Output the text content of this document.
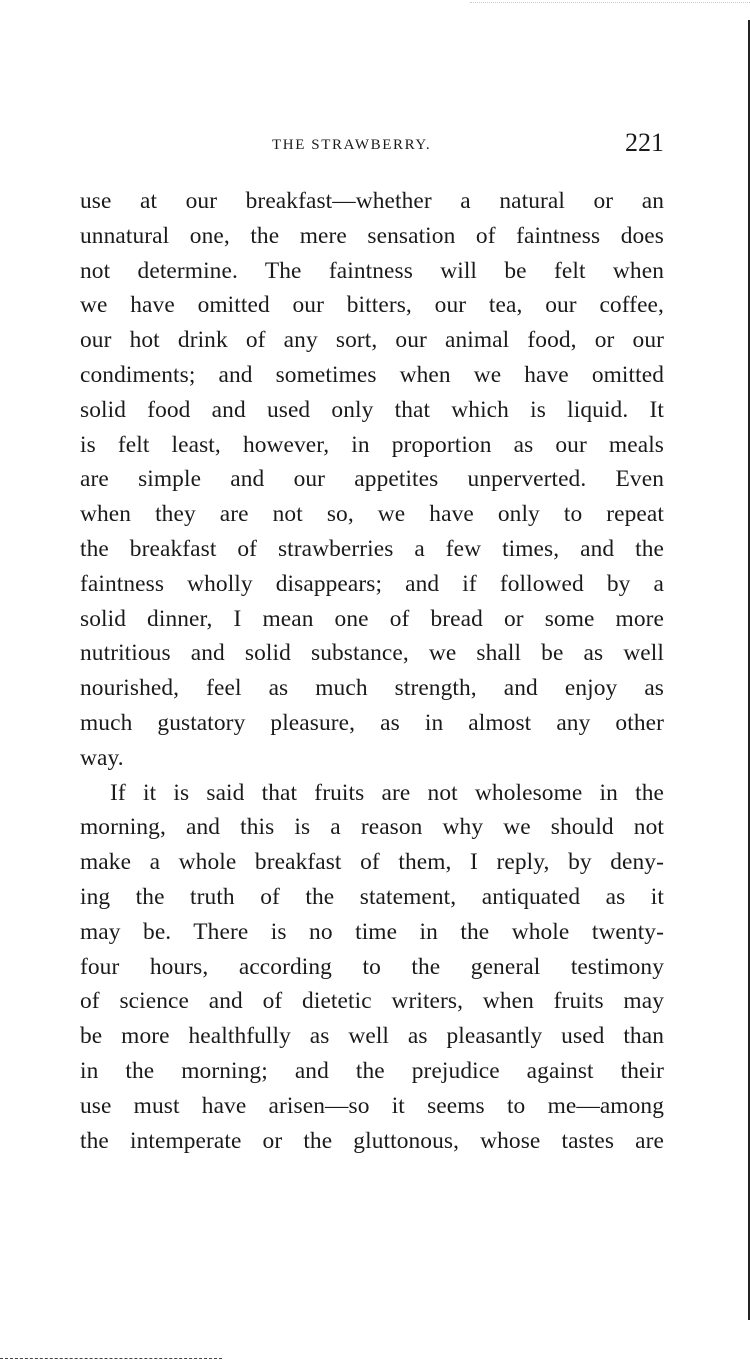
THE STRAWBERRY.	221
use at our breakfast—whether a natural or an
unnatural one, the mere sensation of faintness does
not determine. The faintness will be felt when
we have omitted our bitters, our tea, our coffee,
our hot drink of any sort, our animal food, or our
condiments; and sometimes when we have omitted
solid food and used only that which is liquid. It
is felt least, however, in proportion as our meals
are simple and our appetites unperverted. Even
when they are not so, we have only to repeat
the breakfast of strawberries a few times, and the
faintness wholly disappears; and if followed by a
solid dinner, I mean one of bread or some more
nutritious and solid substance, we shall be as well
nourished, feel as much strength, and enjoy as
much gustatory pleasure, as in almost any other
way.
If it is said that fruits are not wholesome in the
morning, and this is a reason why we should not
make a whole breakfast of them, I reply, by deny-
ing the truth of the statement, antiquated as it
may be. There is no time in the whole twenty-
four hours, according to the general testimony
of science and of dietetic writers, when fruits may
be more healthfully as well as pleasantly used than
in the morning; and the prejudice against their
use must have arisen—so it seems to me—among
the intemperate or the gluttonous, whose tastes are
